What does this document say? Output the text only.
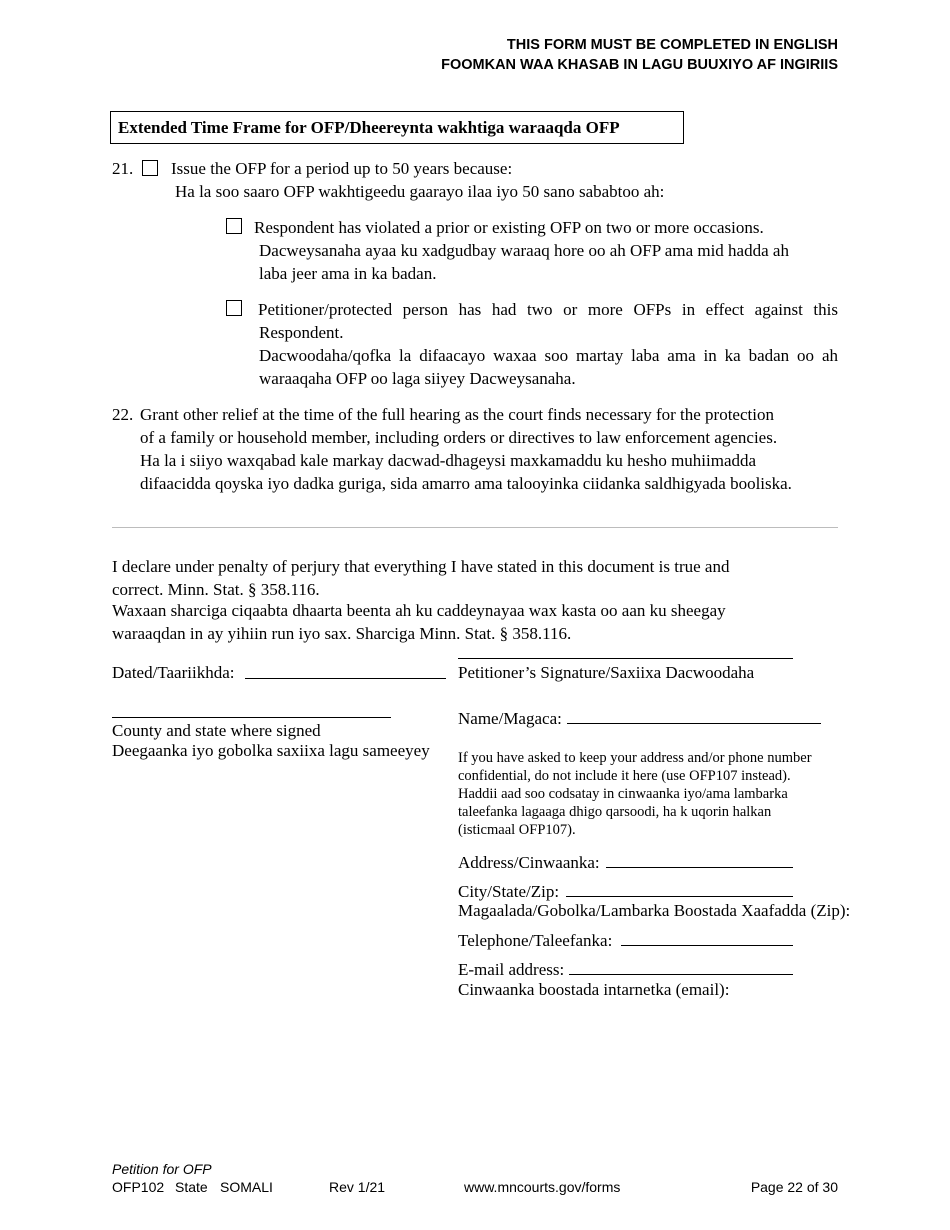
THIS FORM MUST BE COMPLETED IN ENGLISH
FOOMKAN WAA KHASAB IN LAGU BUUXIYO AF INGIRIIS
Extended Time Frame for OFP/Dheereynta wakhtiga waraaqda OFP
21. Issue the OFP for a period up to 50 years because:
Ha la soo saaro OFP wakhtigeedu gaarayo ilaa iyo 50 sano sababtoo ah:
Respondent has violated a prior or existing OFP on two or more occasions.
Dacweysanaha ayaa ku xadgudbay waraaq hore oo ah OFP ama mid hadda ah
laba jeer ama in ka badan.
Petitioner/protected person has had two or more OFPs in effect against this
Respondent.
Dacwoodaha/qofka la difaacayo waxaa soo martay laba ama in ka badan oo ah
waraaqaha OFP oo laga siiyey Dacweysanaha.
22. Grant other relief at the time of the full hearing as the court finds necessary for the protection
of a family or household member, including orders or directives to law enforcement agencies.
Ha la i siiyo waxqabad kale markay dacwad-dhageysi maxkamaddu ku hesho muhiimadda
difaacidda qoyska iyo dadka guriga, sida amarro ama talooyinka ciidanka saldhigyada booliska.
I declare under penalty of perjury that everything I have stated in this document is true and
correct. Minn. Stat. § 358.116.
Waxaan sharciga ciqaabta dhaarta beenta ah ku caddeynayaa wax kasta oo aan ku sheegay
waraaqdan in ay yihiin run iyo sax. Sharciga Minn. Stat. § 358.116.
Dated/Taariikhda:
County and state where signed
Deegaanka iyo gobolka saxiixa lagu sameeyey
Petitioner’s Signature/Saxiixa Dacwoodaha
Name/Magaca:
If you have asked to keep your address and/or phone number
confidential, do not include it here (use OFP107 instead).
Haddii aad soo codsatay in cinwaanka iyo/ama lambarka
taleefanka lagaaga dhigo qarsoodi, ha k uqorin halkan
(isticmaal OFP107).
Address/Cinwaanka:
City/State/Zip:
Magaalada/Gobolka/Lambarka Boostada Xaafadda (Zip):
Telephone/Taleefanka:
E-mail address:
Cinwaanka boostada intarnetka (email):
Petition for OFP
OFP102 State SOMALI	Rev 1/21	www.mncourts.gov/forms	Page 22 of 30
